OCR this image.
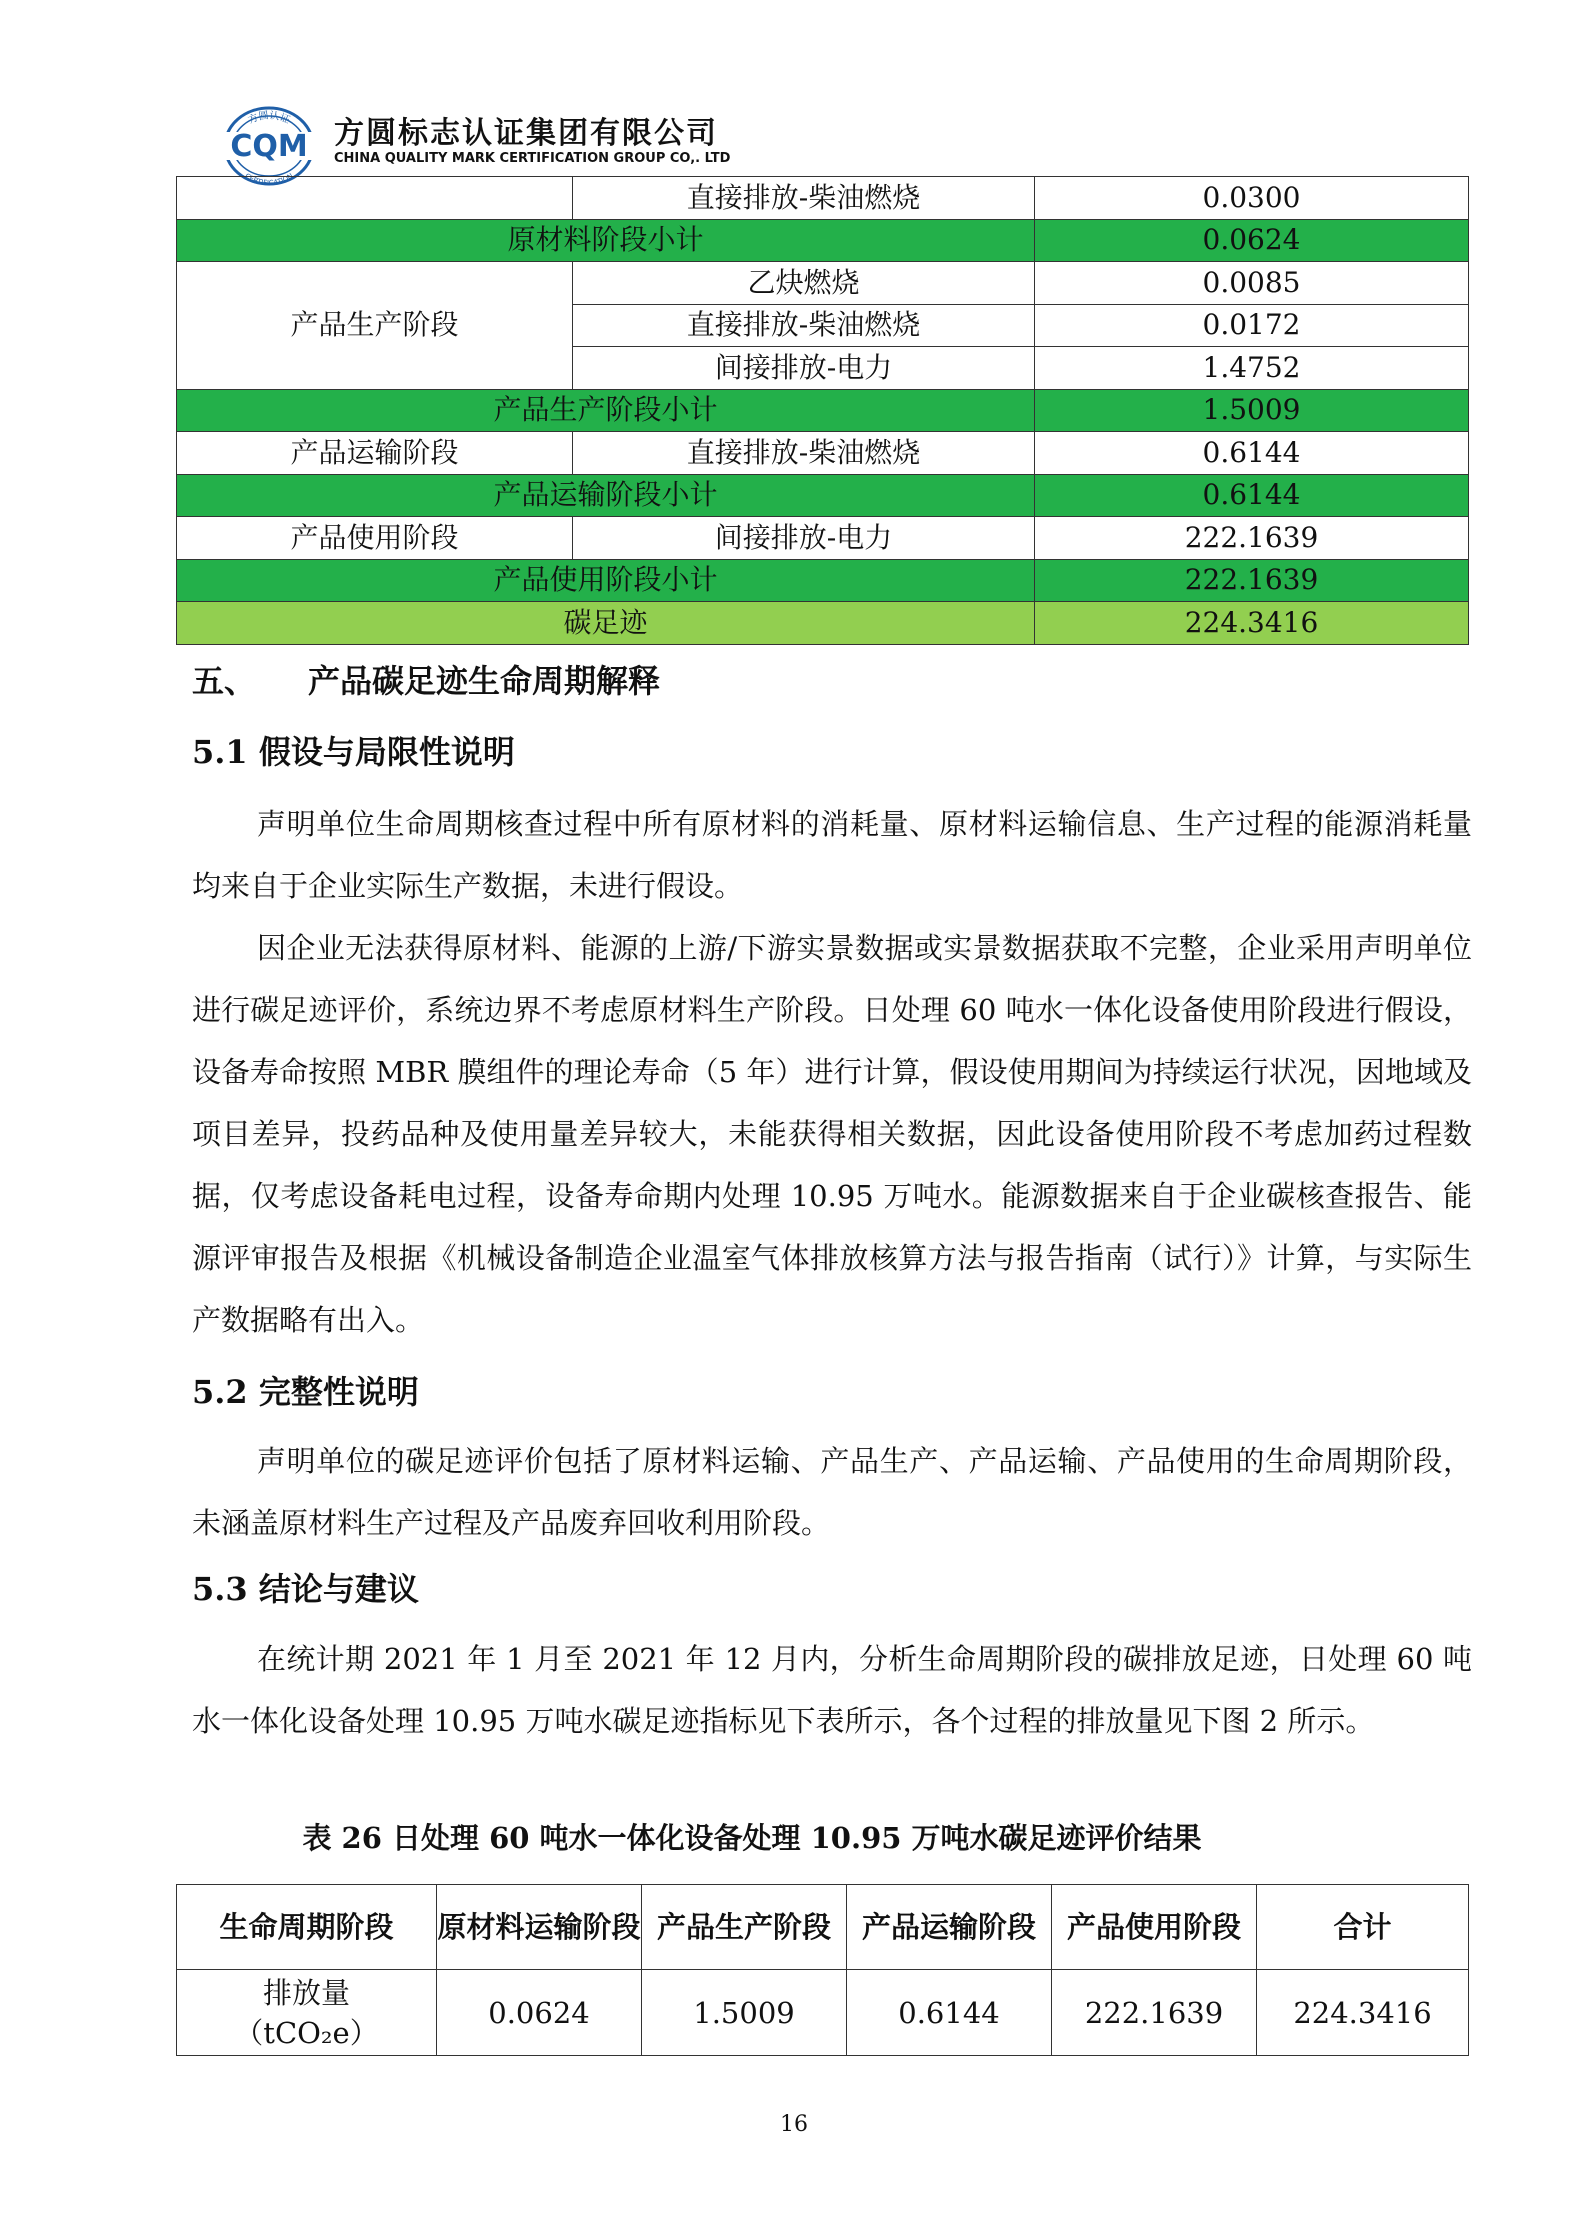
CQM
方圆认证
CERTIFICATION
方圆标志认证集团有限公司
CHINA QUALITY MARK CERTIFICATION GROUP CO,. LTD
	直接排放-柴油燃烧	0.0300
原材料阶段小计		0.0624
产品生产阶段	乙炔燃烧	0.0085
	直接排放-柴油燃烧	0.0172
	间接排放-电力	1.4752
产品生产阶段小计		1.5009
产品运输阶段	直接排放-柴油燃烧	0.6144
产品运输阶段小计		0.6144
产品使用阶段	间接排放-电力	222.1639
产品使用阶段小计		222.1639
碳足迹		224.3416
五、 产品碳足迹生命周期解释
5.1 假设与局限性说明

声明单位生命周期核查过程中所有原材料的消耗量、原材料运输信息、生产过程的能源消耗量均来自于企业实际生产数据，未进行假设。

因企业无法获得原材料、能源的上游/下游实景数据或实景数据获取不完整，企业采用声明单位进行碳足迹评价，系统边界不考虑原材料生产阶段。日处理 60 吨水一体化设备使用阶段进行假设，设备寿命按照 MBR 膜组件的理论寿命（5 年）进行计算，假设使用期间为持续运行状况，因地域及项目差异，投药品种及使用量差异较大，未能获得相关数据，因此设备使用阶段不考虑加药过程数据，仅考虑设备耗电过程，设备寿命期内处理 10.95 万吨水。能源数据来自于企业碳核查报告、能源评审报告及根据《机械设备制造企业温室气体排放核算方法与报告指南（试行）》计算，与实际生产数据略有出入。

5.2 完整性说明

声明单位的碳足迹评价包括了原材料运输、产品生产、产品运输、产品使用的生命周期阶段，未涵盖原材料生产过程及产品废弃回收利用阶段。

5.3 结论与建议

在统计期 2021 年 1 月至 2021 年 12 月内，分析生命周期阶段的碳排放足迹，日处理 60 吨水一体化设备处理 10.95 万吨水碳足迹指标见下表所示，各个过程的排放量见下图 2 所示。

表 26 日处理 60 吨水一体化设备处理 10.95 万吨水碳足迹评价结果
生命周期阶段	原材料运输阶段	产品生产阶段	产品运输阶段	产品使用阶段	合计

排放量
（tCO₂e）	0.0624	1.5009	0.6144	222.1639	224.3416
16
